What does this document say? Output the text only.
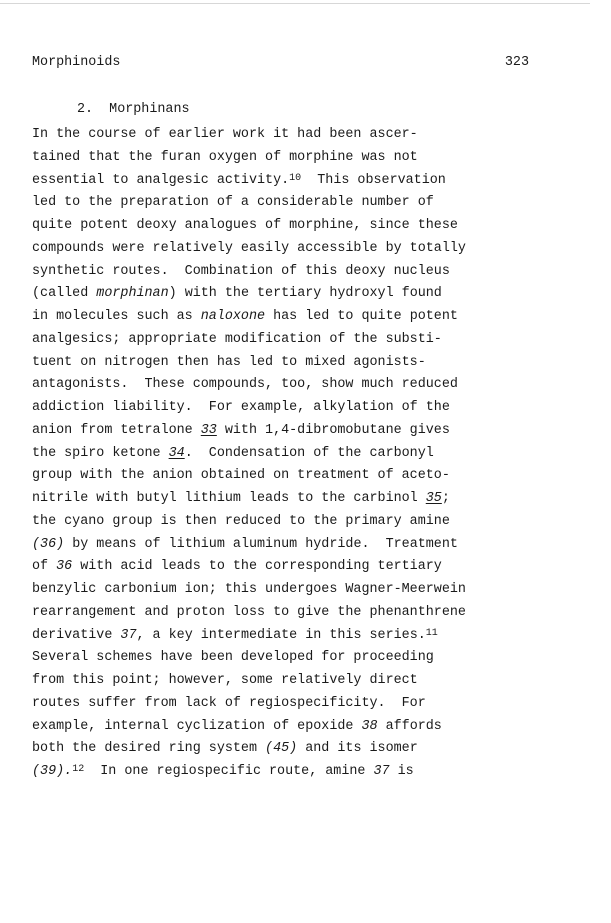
Morphinoids	323
2. Morphinans
In the course of earlier work it had been ascer-
tained that the furan oxygen of morphine was not
essential to analgesic activity.$^{10}$  This observation
led to the preparation of a considerable number of
quite potent deoxy analogues of morphine, since these
compounds were relatively easily accessible by totally
synthetic routes.  Combination of this deoxy nucleus
(called morphinan) with the tertiary hydroxyl found
in molecules such as naloxone has led to quite potent
analgesics; appropriate modification of the substi-
tuent on nitrogen then has led to mixed agonists-
antagonists.  These compounds, too, show much reduced
addiction liability.  For example, alkylation of the
anion from tetralone 33 with 1,4-dibromobutane gives
the spiro ketone 34.  Condensation of the carbonyl
group with the anion obtained on treatment of aceto-
nitrile with butyl lithium leads to the carbinol 35;
the cyano group is then reduced to the primary amine
(36) by means of lithium aluminum hydride.  Treatment
of 36 with acid leads to the corresponding tertiary
benzylic carbonium ion; this undergoes Wagner-Meerwein
rearrangement and proton loss to give the phenanthrene
derivative 37, a key intermediate in this series.$^{11}$
Several schemes have been developed for proceeding
from this point; however, some relatively direct
routes suffer from lack of regiospecificity.  For
example, internal cyclization of epoxide 38 affords
both the desired ring system (45) and its isomer
(39).$^{12}$  In one regiospecific route, amine 37 is
